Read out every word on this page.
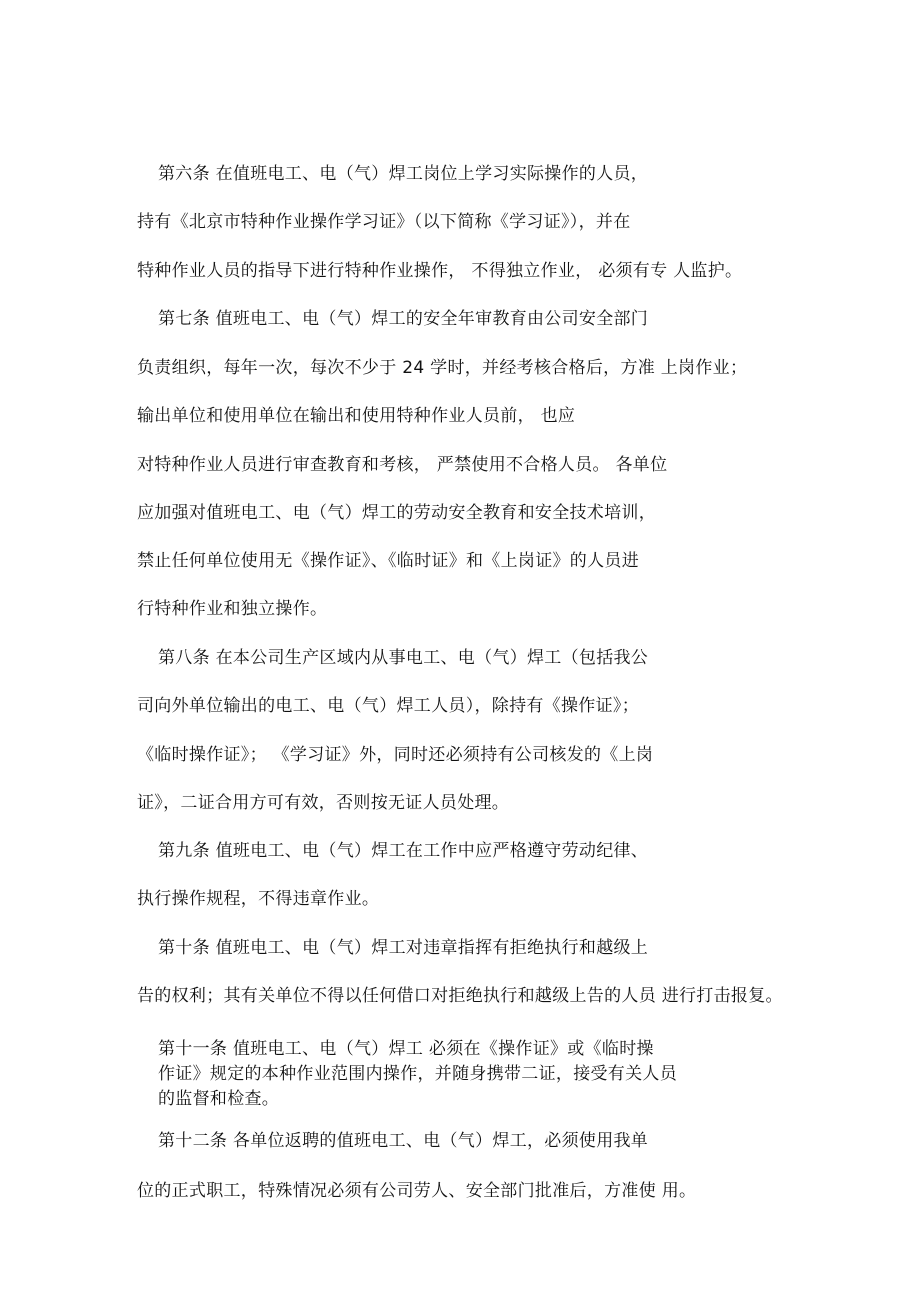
第六条 在值班电工、电（气）焊工岗位上学习实际操作的人员，
持有《北京市特种作业操作学习证》（以下简称《学习证》），并在
特种作业人员的指导下进行特种作业操作， 不得独立作业， 必须有专 人监护。
第七条 值班电工、电（气）焊工的安全年审教育由公司安全部门
负责组织，每年一次，每次不少于 24 学时，并经考核合格后，方准 上岗作业；
输出单位和使用单位在输出和使用特种作业人员前， 也应
对特种作业人员进行审查教育和考核， 严禁使用不合格人员。 各单位
应加强对值班电工、电（气）焊工的劳动安全教育和安全技术培训，
禁止任何单位使用无《操作证》、《临时证》和《上岗证》的人员进
行特种作业和独立操作。
第八条 在本公司生产区域内从事电工、电（气）焊工（包括我公
司向外单位输出的电工、电（气）焊工人员），除持有《操作证》；
《临时操作证》； 《学习证》外，同时还必须持有公司核发的《上岗
证》，二证合用方可有效，否则按无证人员处理。
第九条 值班电工、电（气）焊工在工作中应严格遵守劳动纪律、
执行操作规程，不得违章作业。
第十条 值班电工、电（气）焊工对违章指挥有拒绝执行和越级上
告的权利；其有关单位不得以任何借口对拒绝执行和越级上告的人员 进行打击报复。
第十一条 值班电工、电（气）焊工 必须在《操作证》或《临时操
作证》规定的本种作业范围内操作，并随身携带二证，接受有关人员
的监督和检查。
第十二条 各单位返聘的值班电工、电（气）焊工，必须使用我单
位的正式职工，特殊情况必须有公司劳人、安全部门批准后，方准使 用。
